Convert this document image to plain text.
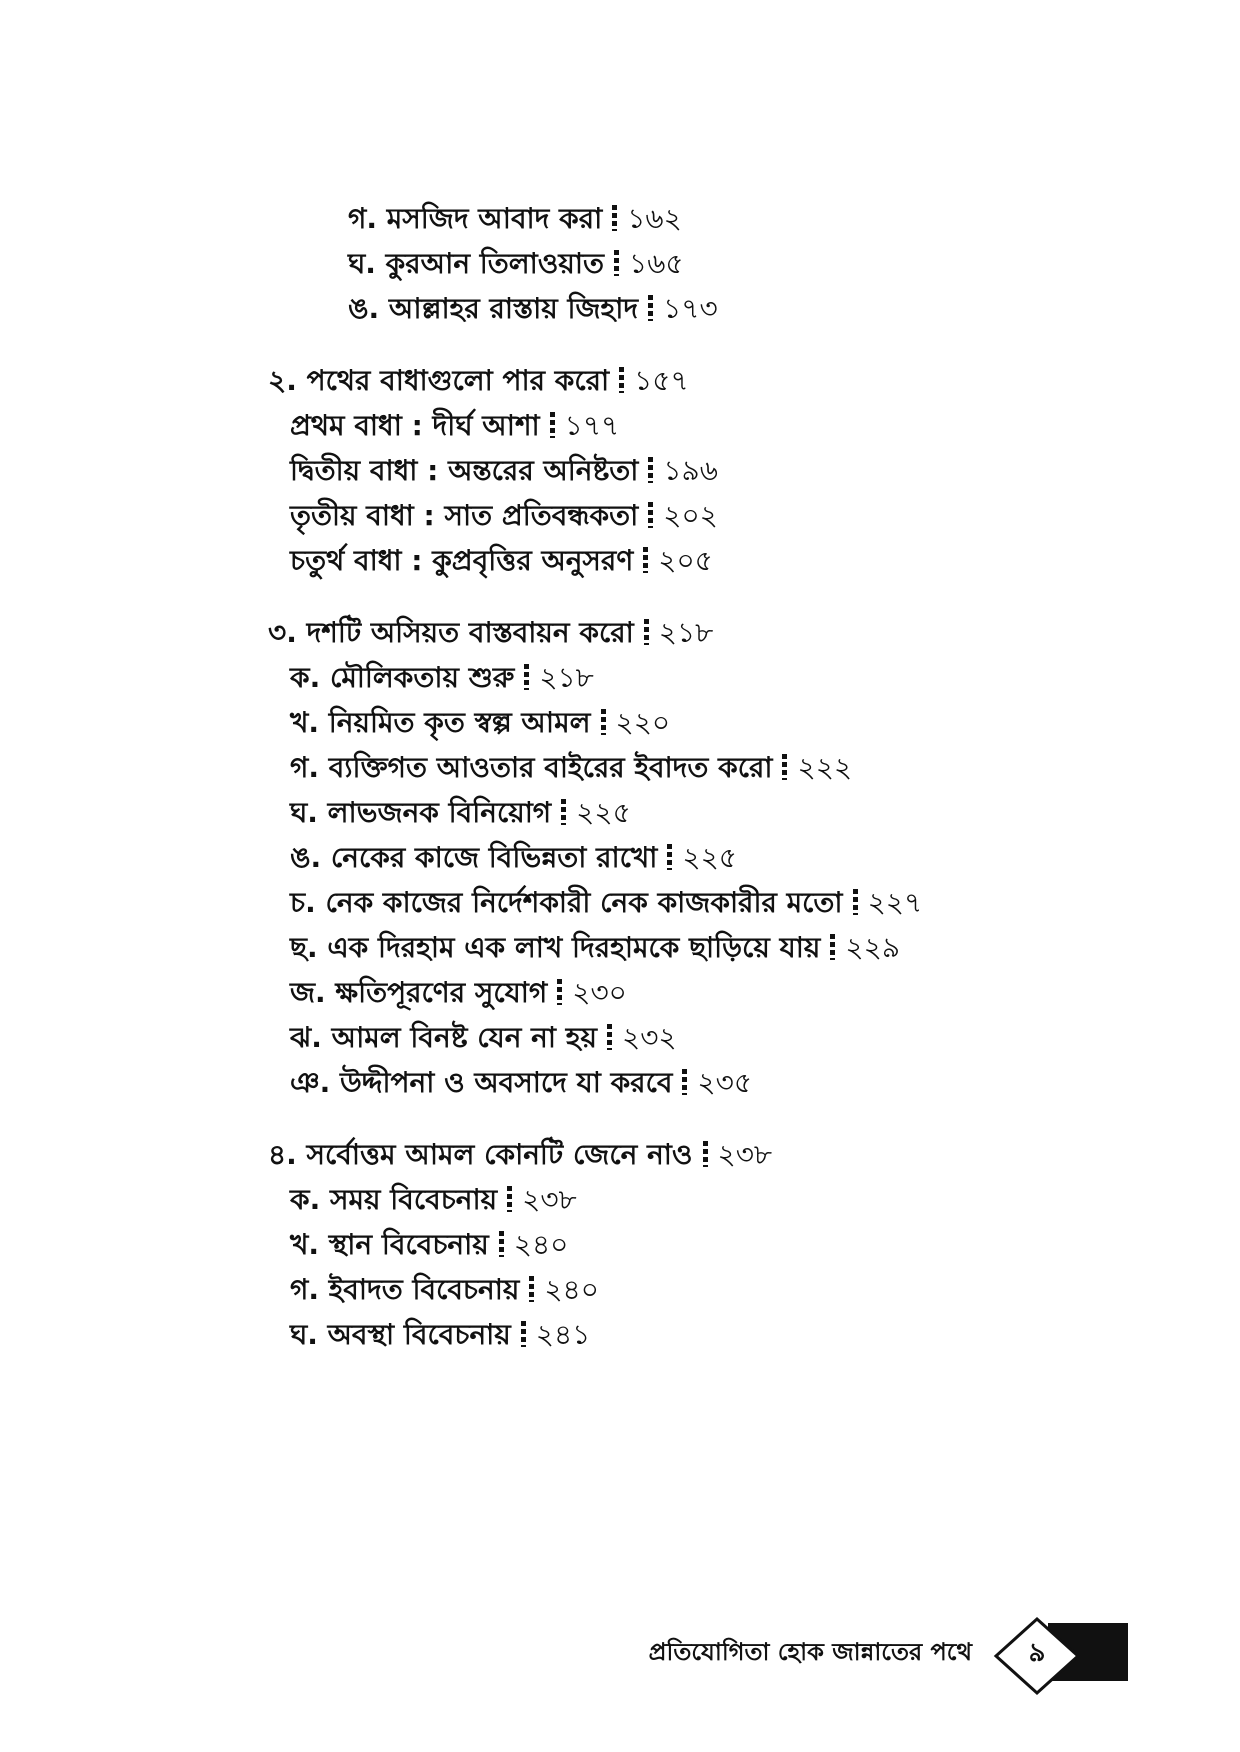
গ. মসজিদ আবাদ করা ১৬২
ঘ. কুরআন তিলাওয়াত ১৬৫
ঙ. আল্লাহর রাস্তায় জিহাদ ১৭৩
২. পথের বাধাগুলো পার করো ১৫৭
প্রথম বাধা : দীর্ঘ আশা ১৭৭
দ্বিতীয় বাধা : অন্তরের অনিষ্টতা ১৯৬
তৃতীয় বাধা : সাত প্রতিবন্ধকতা ২০২
চতুর্থ বাধা : কুপ্রবৃত্তির অনুসরণ ২০৫
৩. দশটি অসিয়ত বাস্তবায়ন করো ২১৮
ক. মৌলিকতায় শুরু ২১৮
খ. নিয়মিত কৃত স্বল্প আমল ২২০
গ. ব্যক্তিগত আওতার বাইরের ইবাদত করো ২২২
ঘ. লাভজনক বিনিয়োগ ২২৫
ঙ. নেকের কাজে বিভিন্নতা রাখো ২২৫
চ. নেক কাজের নির্দেশকারী নেক কাজকারীর মতো ২২৭
ছ. এক দিরহাম এক লাখ দিরহামকে ছাড়িয়ে যায় ২২৯
জ. ক্ষতিপূরণের সুযোগ ২৩০
ঝ. আমল বিনষ্ট যেন না হয় ২৩২
ঞ. উদ্দীপনা ও অবসাদে যা করবে ২৩৫
৪. সর্বোত্তম আমল কোনটি জেনে নাও ২৩৮
ক. সময় বিবেচনায় ২৩৮
খ. স্থান বিবেচনায় ২৪০
গ. ইবাদত বিবেচনায় ২৪০
ঘ. অবস্থা বিবেচনায় ২৪১
প্রতিযোগিতা হোক জান্নাতের পথে	৯
